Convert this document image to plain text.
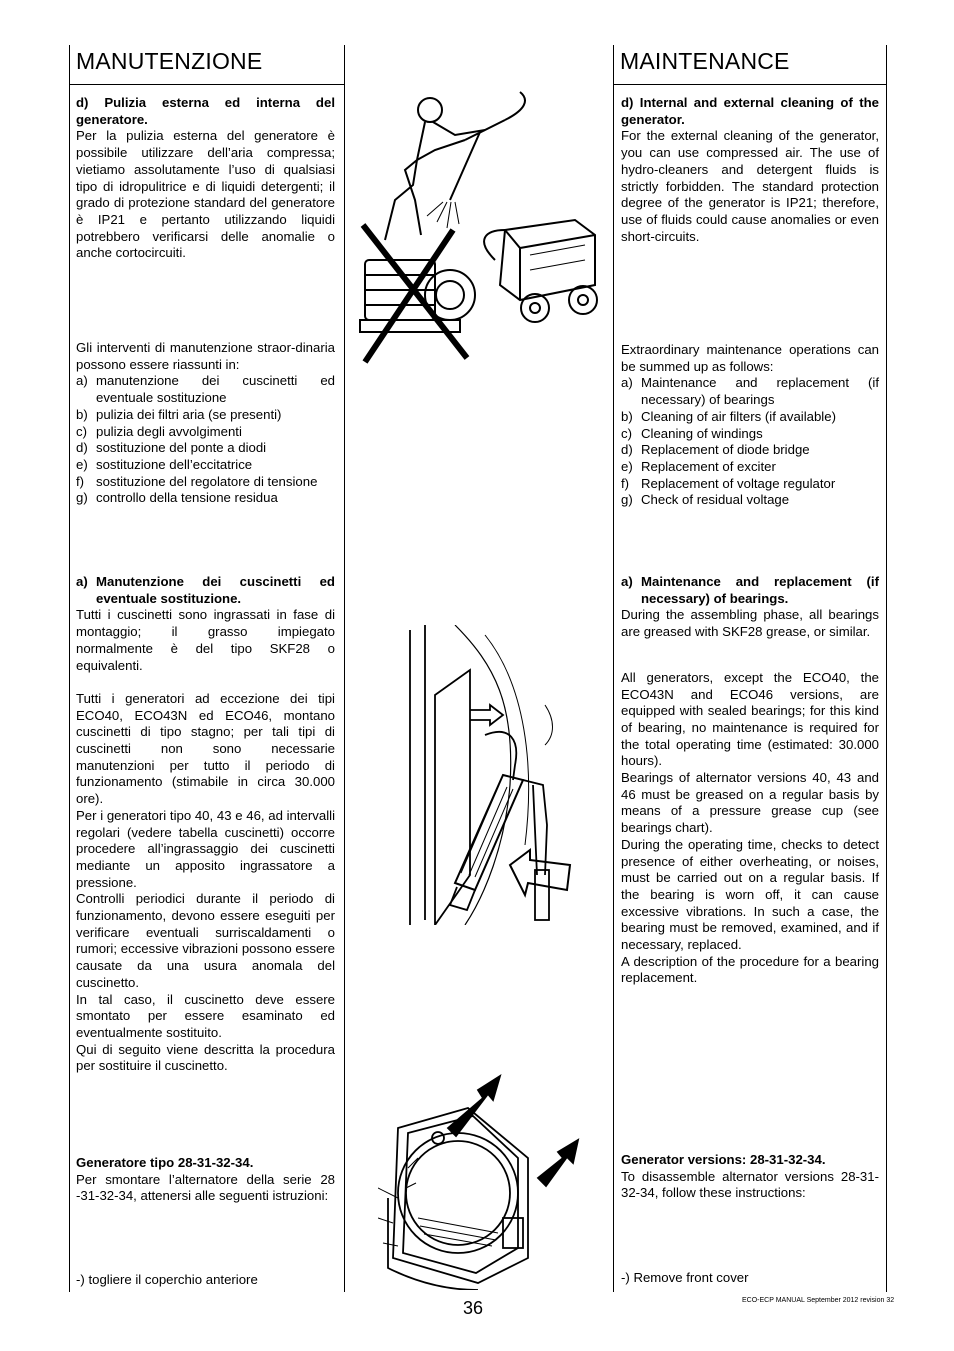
MANUTENZIONE	MAINTENANCE

d) Pulizia esterna ed interna del generatore.

Per la pulizia esterna del generatore è possibile utilizzare dell’aria compressa; vietiamo assolutamente l’uso di qualsiasi tipo di idropulitrice e di liquidi detergenti; il grado di protezione standard del generatore è IP21 e pertanto utilizzando liquidi potrebbero verificarsi delle anomalie o anche cortocircuiti.

Gli interventi di manutenzione straor-dinaria possono essere riassunti in:

a) manutenzione dei cuscinetti ed eventuale sostituzione
b) pulizia dei filtri aria (se presenti)
c) pulizia degli avvolgimenti
d) sostituzione del ponte a diodi
e) sostituzione dell’eccitatrice
f) sostituzione del regolatore di tensione
g) controllo della tensione residua
a) Manutenzione dei cuscinetti ed eventuale sostituzione.

Tutti i cuscinetti sono ingrassati in fase di montaggio; il grasso impiegato normalmente è del tipo SKF28 o equivalenti.

Tutti i generatori ad eccezione dei tipi ECO40, ECO43N ed ECO46, montano cuscinetti di tipo stagno; per tali tipi di cuscinetti non sono necessarie manutenzioni per tutto il periodo di funzionamento (stimabile in circa 30.000 ore).

Per i generatori tipo 40, 43 e 46, ad intervalli regolari (vedere tabella cuscinetti) occorre procedere all’ingrassaggio dei cuscinetti mediante un apposito ingrassatore a pressione.

Controlli periodici durante il periodo di funzionamento, devono essere eseguiti per verificare eventuali surriscaldamenti o rumori; eccessive vibrazioni possono essere causate da una usura anomala del cuscinetto.

In tal caso, il cuscinetto deve essere smontato per essere esaminato ed eventualmente sostituito.

Qui di seguito viene descritta la procedura per sostituire il cuscinetto.

Generatore tipo 28-31-32-34.

Per smontare l’alternatore della serie 28 -31-32-34, attenersi alle seguenti istruzioni:

-) togliere il coperchio anteriore

d) Internal and external cleaning of the generator.

For the external cleaning of the generator, you can use compressed air. The use of hydro-cleaners and detergent fluids is strictly forbidden. The standard protection degree of the generator is IP21; therefore, use of fluids could cause anomalies or even short-circuits.

Extraordinary maintenance operations can be summed up as follows:

a) Maintenance and replacement (if necessary) of bearings
b) Cleaning of air filters (if available)
c) Cleaning of windings
d) Replacement of diode bridge
e) Replacement of exciter
f) Replacement of voltage regulator
g) Check of residual voltage
a) Maintenance and replacement (if necessary) of bearings.

During the assembling phase, all bearings are greased with SKF28 grease, or similar.

All generators, except the ECO40, the ECO43N and ECO46 versions, are equipped with sealed bearings; for this kind of bearing, no maintenance is required for the total operating time (estimated: 30.000 hours).

Bearings of alternator versions 40, 43 and 46 must be greased on a regular basis by means of a pressure grease cup (see bearings chart).

During the operating time, checks to detect presence of either overheating, or noises, must be carried out on a regular basis. If the bearing is worn off, it can cause excessive vibrations. In such a case, the bearing must be removed, examined, and if necessary, replaced.

A description of the procedure for a bearing replacement.

Generator versions: 28-31-32-34.

To disassemble alternator versions 28-31-32-34, follow these instructions:

-) Remove front cover
36	ECO-ECP MANUAL September 2012 revision 32
